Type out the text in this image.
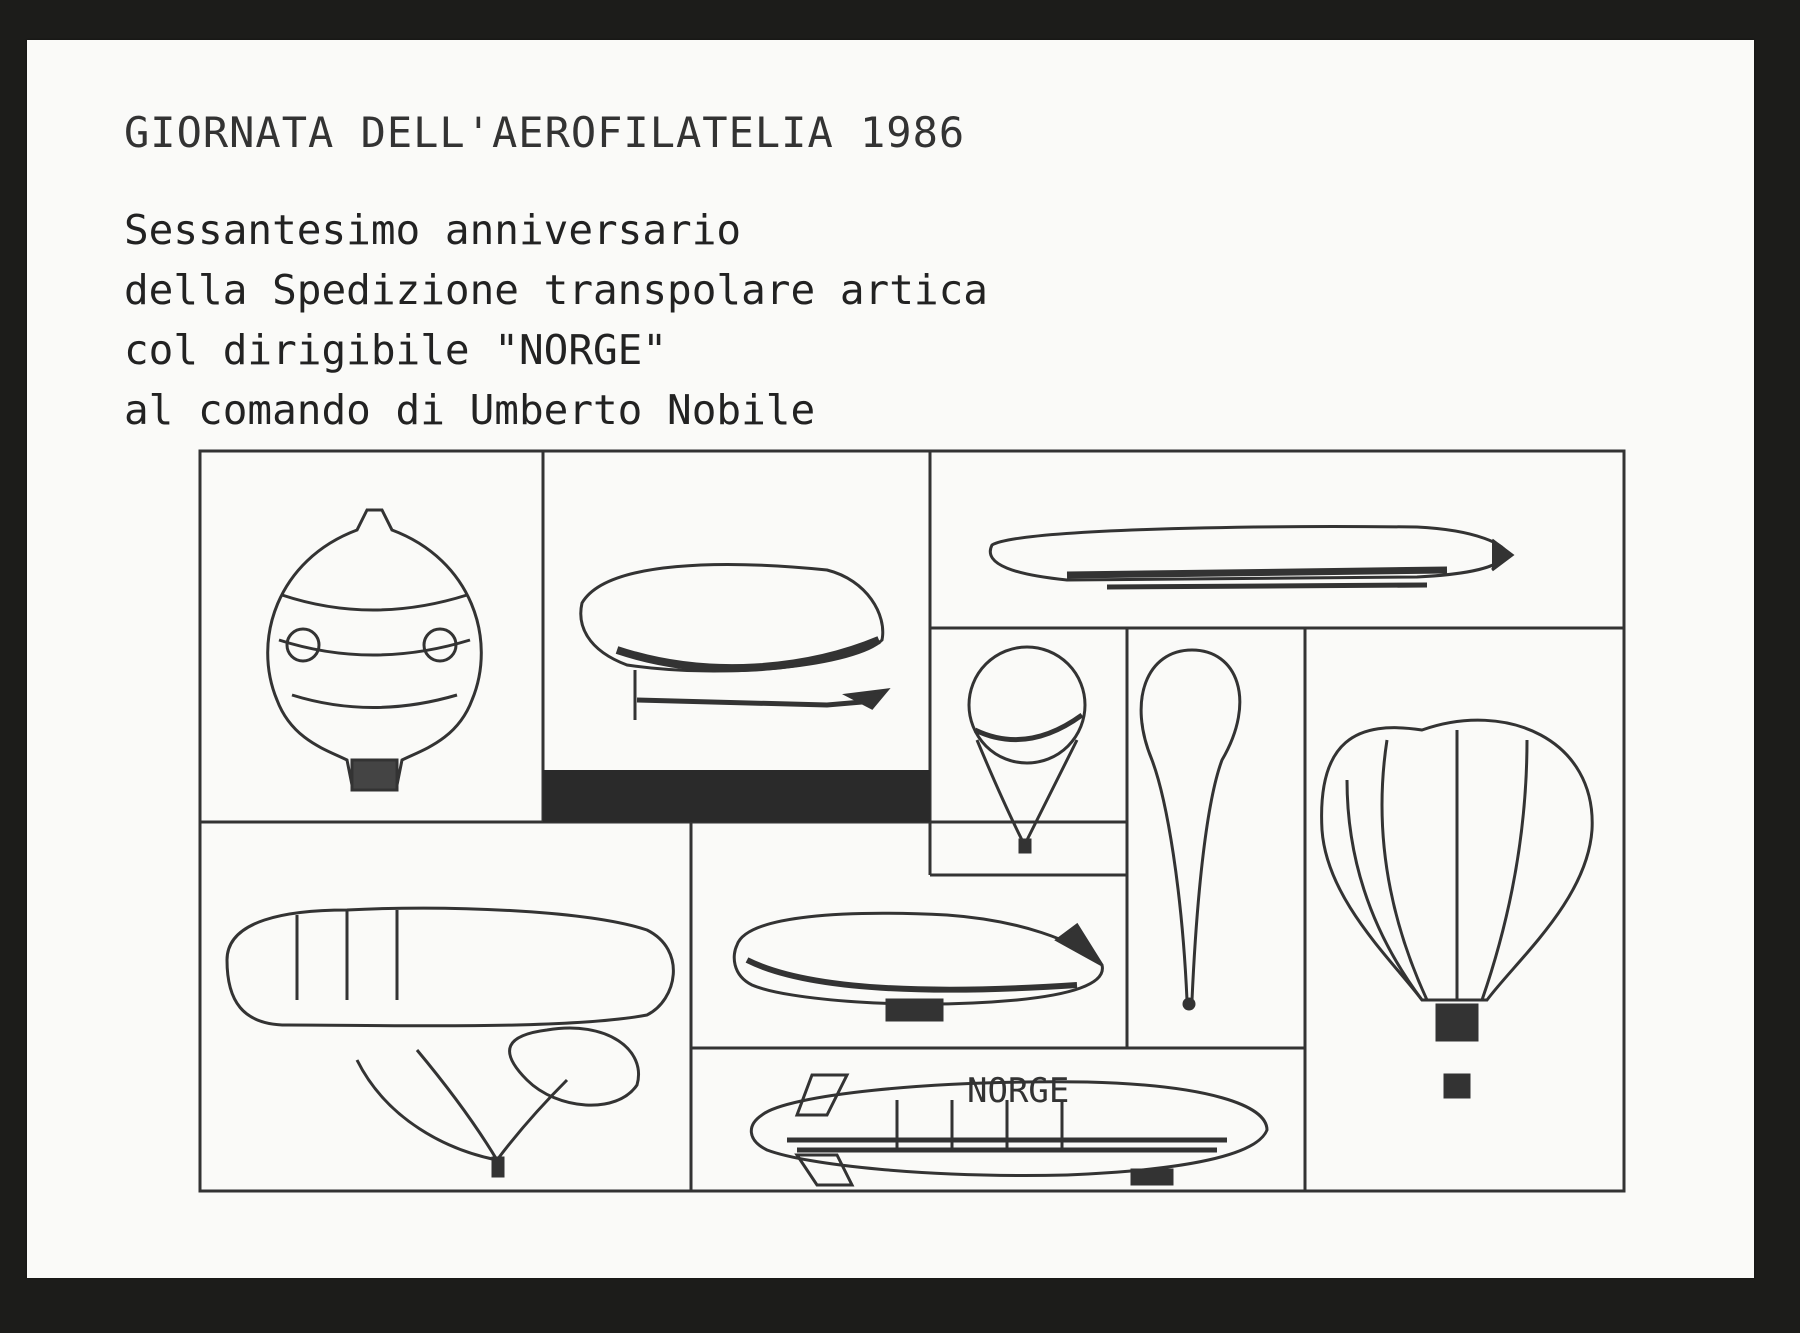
GIORNATA DELL'AEROFILATELIA 1986
Sessantesimo anniversario
della Spedizione transpolare artica
col dirigibile "NORGE"
al comando di Umberto Nobile
NORGE
